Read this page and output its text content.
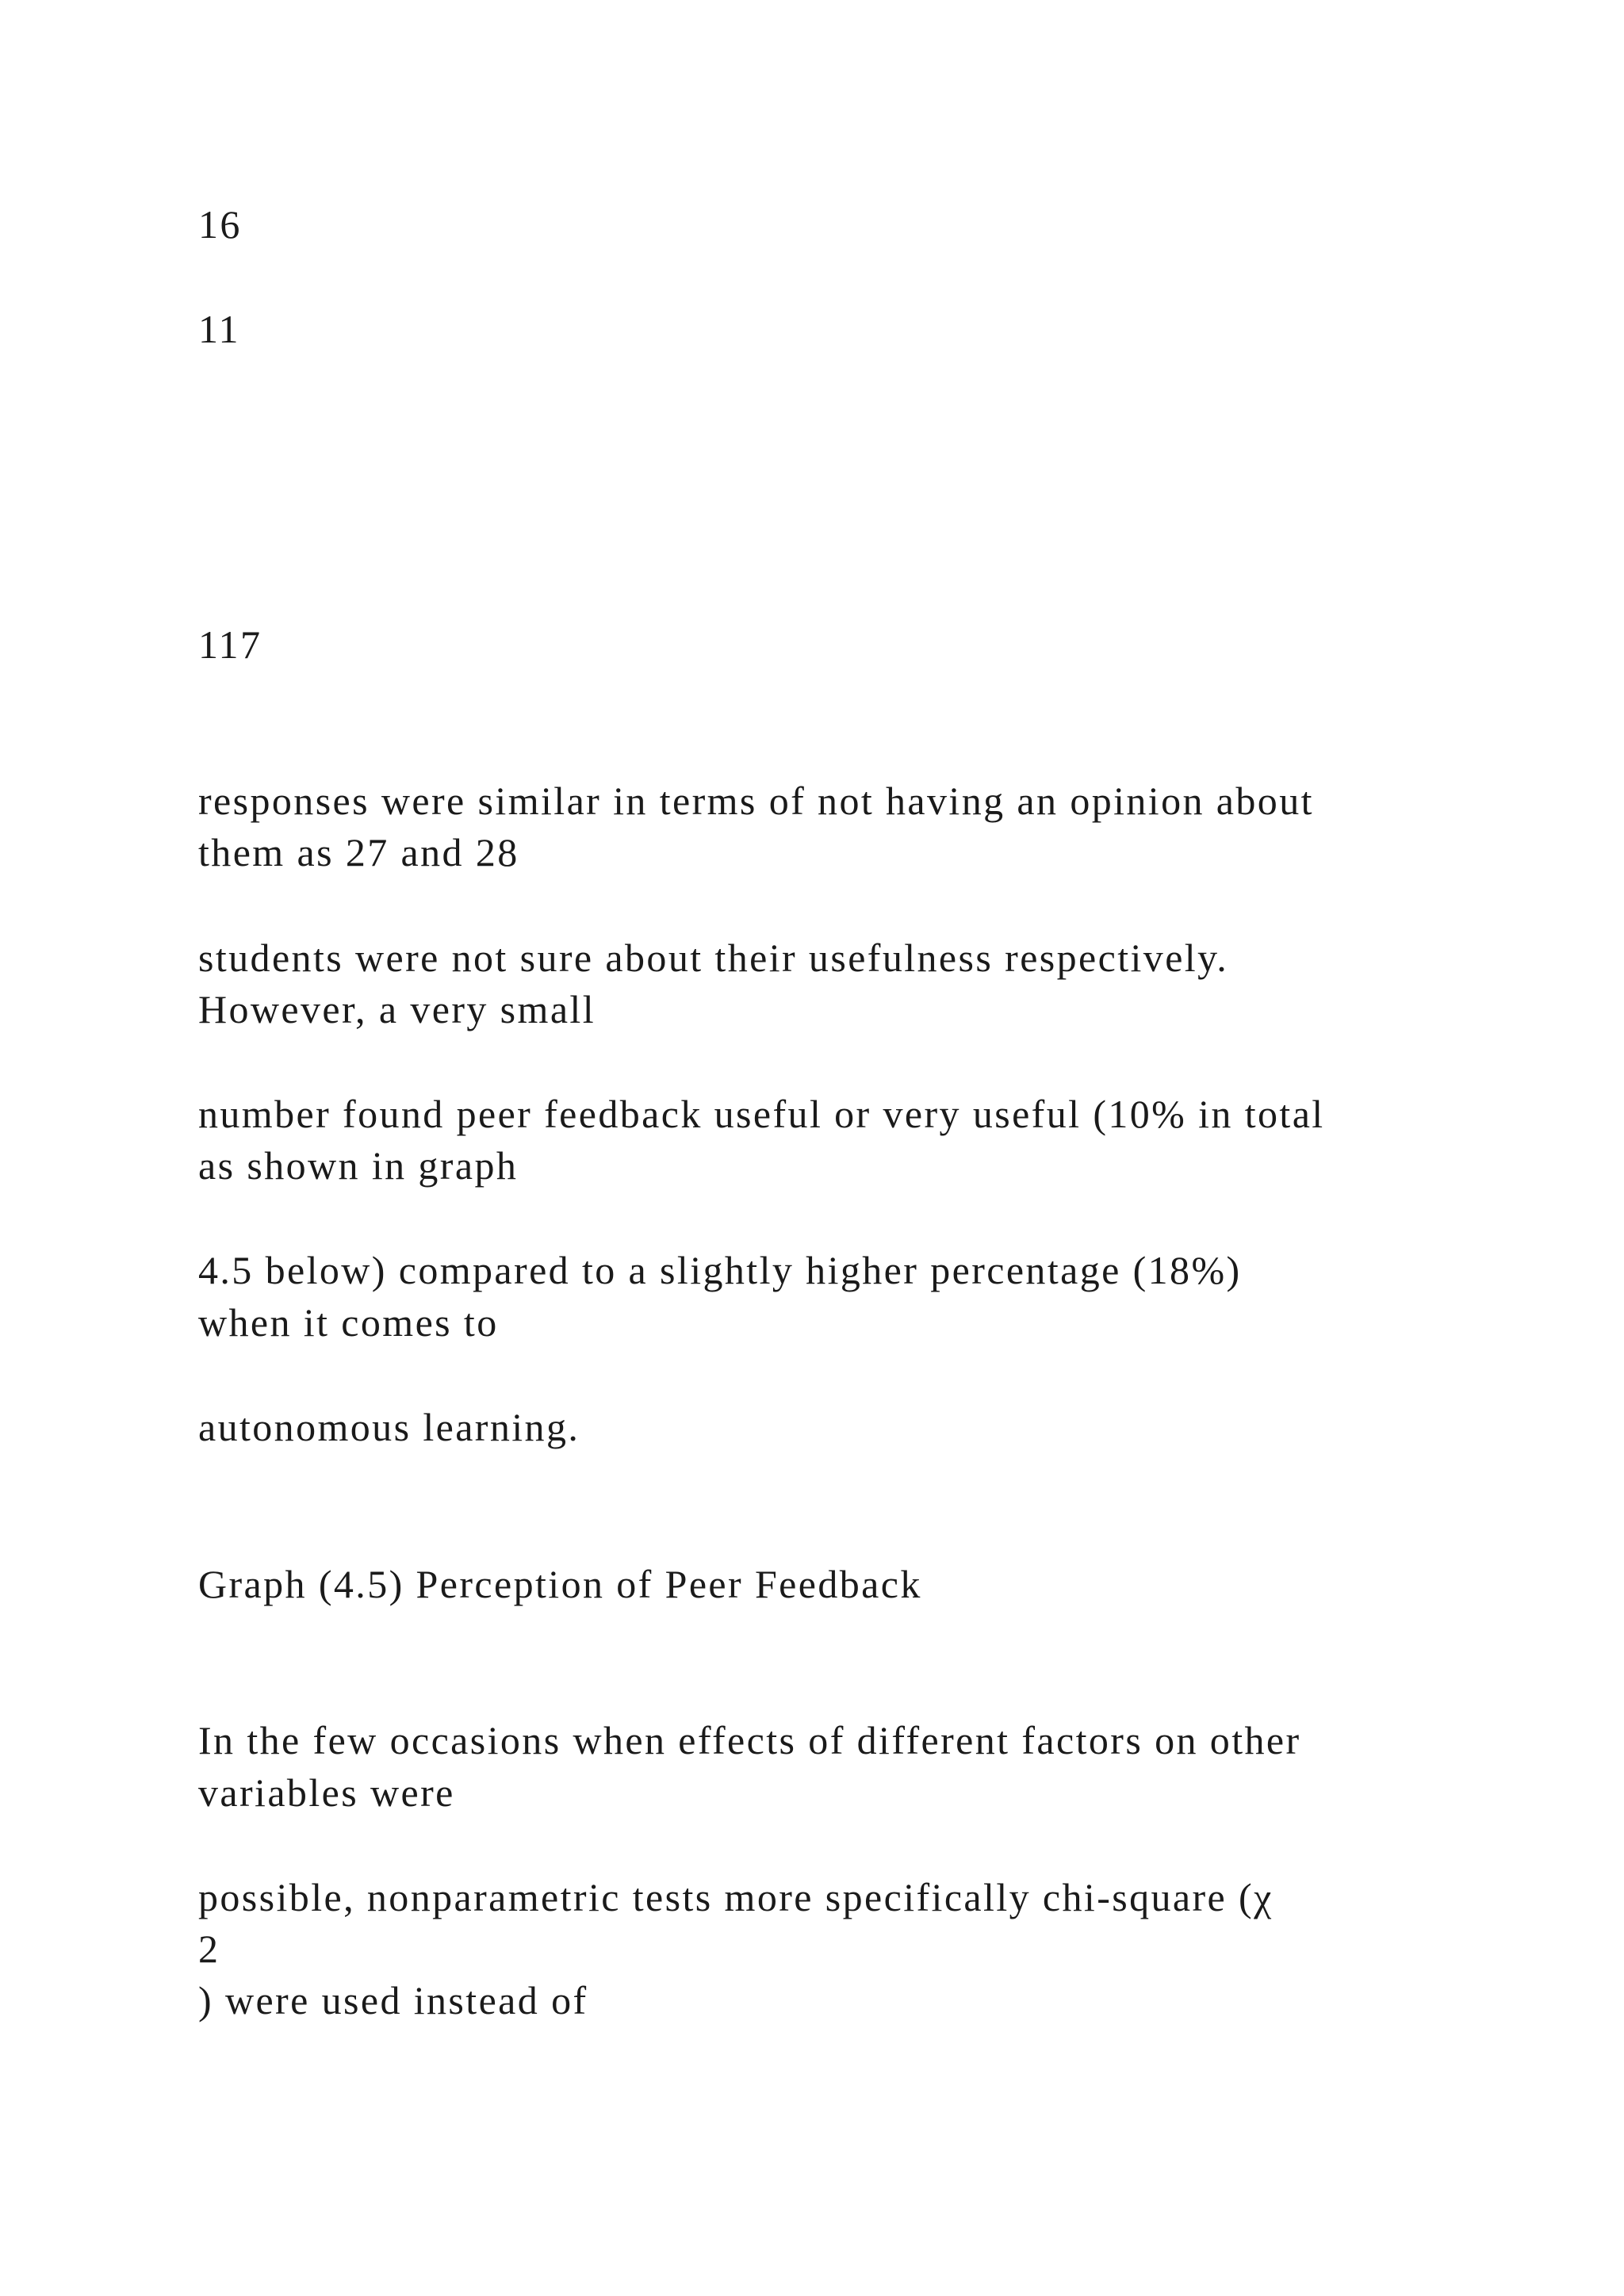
16

11

117

responses were similar in terms of not having an opinion about

them as 27 and 28

students were not sure about their usefulness respectively.

However, a very small

number found peer feedback useful or very useful (10% in total

as shown in graph

4.5 below) compared to a slightly higher percentage (18%)

when it comes to

autonomous learning.

Graph (4.5) Perception of Peer Feedback

In the few occasions when effects of different factors on other

variables were

possible, nonparametric tests more specifically chi-square (χ

2

) were used instead of
